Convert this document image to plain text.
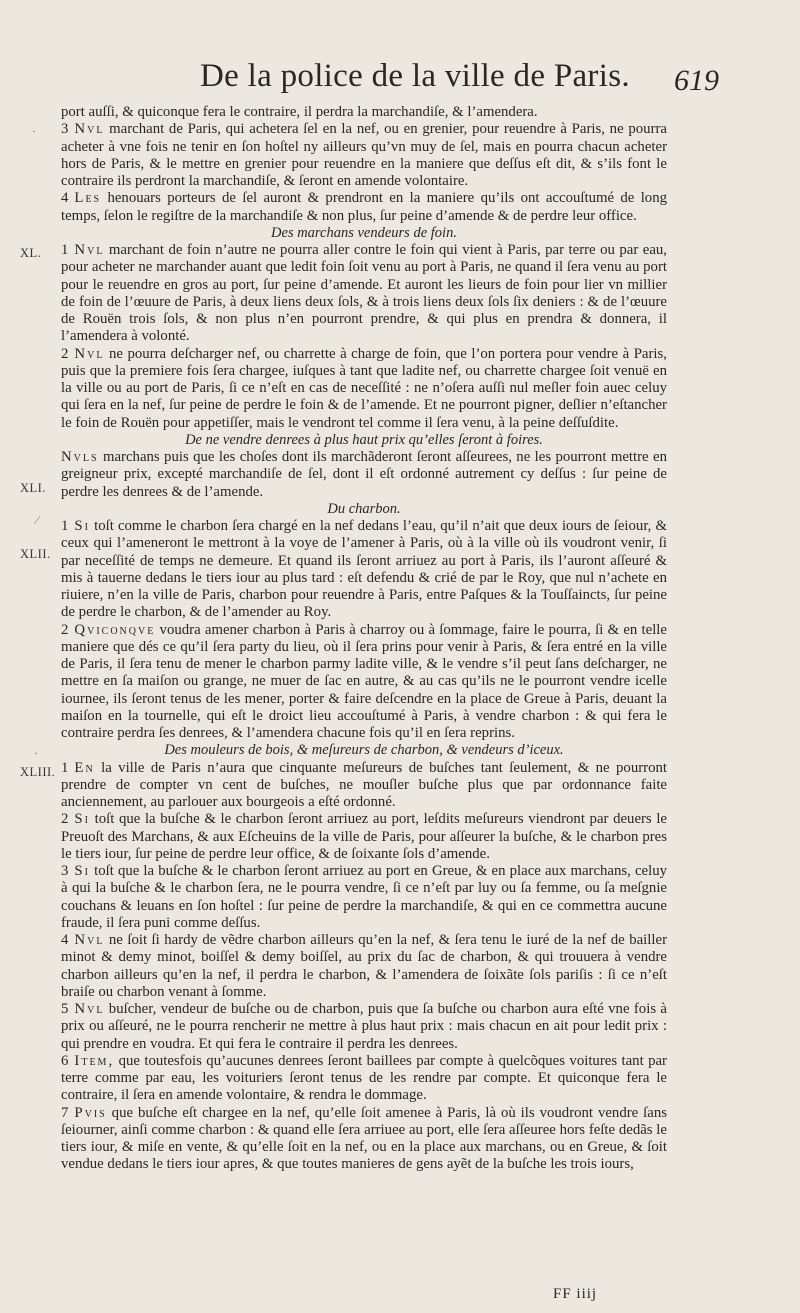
De la police de la ville de Paris. 619
XL.
XLI.
XLII.
XLIII.
·
⁄
·

port auſſi, & quiconque fera le contraire, il perdra la marchandiſe, & l’amendera.

3 Nvl marchant de Paris, qui achetera ſel en la nef, ou en grenier, pour reuendre à Paris, ne pourra acheter à vne fois ne tenir en ſon hoſtel ny ailleurs qu’vn muy de ſel, mais en pourra chacun acheter hors de Paris, & le mettre en grenier pour reuendre en la maniere que deſſus eſt dit, & s’ils font le contraire ils perdront la marchandiſe, & ſeront en amende volontaire.

4 Les henouars porteurs de ſel auront & prendront en la maniere qu’ils ont accouſtumé de long temps, ſelon le regiſtre de la marchandiſe & non plus, ſur peine d’amende & de perdre leur office.

Des marchans vendeurs de foin.

1 Nvl marchant de foin n’autre ne pourra aller contre le foin qui vient à Paris, par terre ou par eau, pour acheter ne marchander auant que ledit foin ſoit venu au port à Paris, ne quand il ſera venu au port pour le reuendre en gros au port, ſur peine d’amende. Et auront les lieurs de foin pour lier vn millier de foin de l’œuure de Paris, à deux liens deux ſols, & à trois liens deux ſols ſix deniers : & de l’œuure de Rouën trois ſols, & non plus n’en pourront prendre, & qui plus en prendra & donnera, il l’amendera à volonté.

2 Nvl ne pourra deſcharger nef, ou charrette à charge de foin, que l’on portera pour vendre à Paris, puis que la premiere fois ſera chargee, iuſques à tant que ladite nef, ou charrette chargee ſoit venuë en la ville ou au port de Paris, ſi ce n’eſt en cas de neceſſité : ne n’oſera auſſi nul meſler foin auec celuy qui ſera en la nef, ſur peine de perdre le foin & de l’amende. Et ne pourront pigner, deſlier n’eſtancher le foin de Rouën pour appetiſſer, mais le vendront tel comme il ſera venu, à la peine deſſuſdite.

De ne vendre denrees à plus haut prix qu’elles ſeront à foires.

Nvls marchans puis que les choſes dont ils marchãderont ſeront aſſeurees, ne les pourront mettre en greigneur prix, excepté marchandiſe de ſel, dont il eſt ordonné autrement cy deſſus : ſur peine de perdre les denrees & de l’amende.

Du charbon.

1 Si toſt comme le charbon ſera chargé en la nef dedans l’eau, qu’il n’ait que deux iours de ſeiour, & ceux qui l’ameneront le mettront à la voye de l’amener à Paris, où à la ville où ils voudront venir, ſi par neceſſité de temps ne demeure. Et quand ils ſeront arriuez au port à Paris, ils l’auront aſſeuré & mis à tauerne dedans le tiers iour au plus tard : eſt defendu & crié de par le Roy, que nul n’achete en riuiere, n’en la ville de Paris, charbon pour reuendre à Paris, entre Paſques & la Touſſaincts, ſur peine de perdre le charbon, & de l’amender au Roy.

2 Qviconqve voudra amener charbon à Paris à charroy ou à ſommage, faire le pourra, ſi & en telle maniere que dés ce qu’il ſera party du lieu, où il ſera prins pour venir à Paris, & ſera entré en la ville de Paris, il ſera tenu de mener le charbon parmy ladite ville, & le vendre s’il peut ſans deſcharger, ne mettre en ſa maiſon ou grange, ne muer de ſac en autre, & au cas qu’ils ne le pourront vendre icelle iournee, ils ſeront tenus de les mener, porter & faire deſcendre en la place de Greue à Paris, deuant la maiſon en la tournelle, qui eſt le droict lieu accouſtumé à Paris, à vendre charbon : & qui fera le contraire perdra ſes denrees, & l’amendera chacune fois qu’il en ſera reprins.

Des mouleurs de bois, & meſureurs de charbon, & vendeurs d’iceux.

1 En la ville de Paris n’aura que cinquante meſureurs de buſches tant ſeulement, & ne pourront prendre de compter vn cent de buſches, ne mouſler buſche plus que par ordonnance faite anciennement, au parlouer aux bourgeois a eſté ordonné.

2 Si toſt que la buſche & le charbon ſeront arriuez au port, leſdits meſureurs viendront par deuers le Preuoſt des Marchans, & aux Eſcheuins de la ville de Paris, pour aſſeurer la buſche, & le charbon pres le tiers iour, ſur peine de perdre leur office, & de ſoixante ſols d’amende.

3 Si toſt que la buſche & le charbon ſeront arriuez au port en Greue, & en place aux marchans, celuy à qui la buſche & le charbon ſera, ne le pourra vendre, ſi ce n’eſt par luy ou ſa femme, ou ſa meſgnie couchans & leuans en ſon hoſtel : ſur peine de perdre la marchandiſe, & qui en ce commettra aucune fraude, il ſera puni comme deſſus.

4 Nvl ne ſoit ſi hardy de vẽdre charbon ailleurs qu’en la nef, & ſera tenu le iuré de la nef de bailler minot & demy minot, boiſſel & demy boiſſel, au prix du ſac de charbon, & qui trouuera à vendre charbon ailleurs qu’en la nef, il perdra le charbon, & l’amendera de ſoixãte ſols pariſis : ſi ce n’eſt braiſe ou charbon venant à ſomme.

5 Nvl buſcher, vendeur de buſche ou de charbon, puis que ſa buſche ou charbon aura eſté vne fois à prix ou aſſeuré, ne le pourra rencherir ne mettre à plus haut prix : mais chacun en ait pour ledit prix : qui prendre en voudra. Et qui fera le contraire il perdra les denrees.

6 Item, que toutesfois qu’aucunes denrees ſeront baillees par compte à quelcõques voitures tant par terre comme par eau, les voituriers ſeront tenus de les rendre par compte. Et quiconque fera le contraire, il ſera en amende volontaire, & rendra le dommage.

7 Pvis que buſche eſt chargee en la nef, qu’elle ſoit amenee à Paris, là où ils voudront vendre ſans ſeiourner, ainſi comme charbon : & quand elle ſera arriuee au port, elle ſera aſſeuree hors feſte dedãs le tiers iour, & miſe en vente, & qu’elle ſoit en la nef, ou en la place aux marchans, ou en Greue, & ſoit vendue dedans le tiers iour apres, & que toutes manieres de gens ayẽt de la buſche les trois iours,

FF iiij
